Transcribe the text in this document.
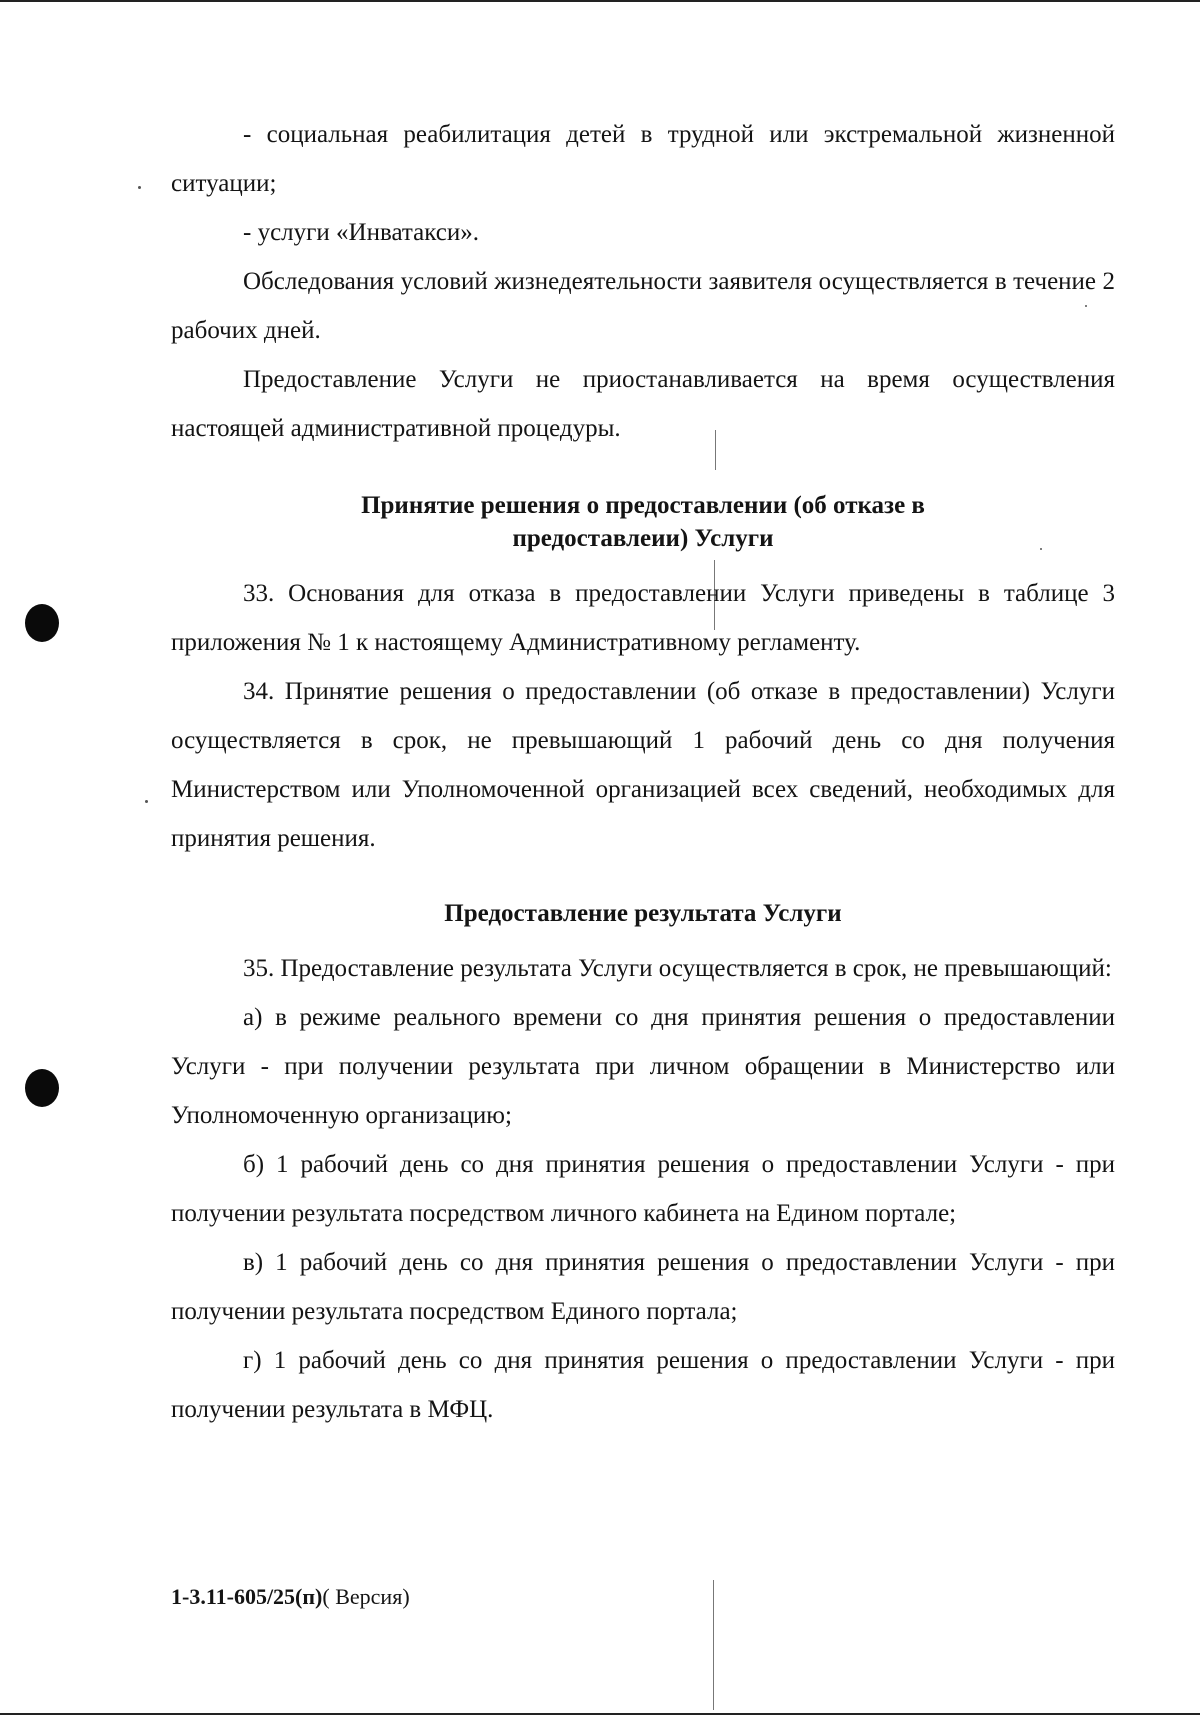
- социальная реабилитация детей в трудной или экстремальной жизненной ситуации;

- услуги «Инватакси».

Обследования условий жизнедеятельности заявителя осуществляется в течение 2 рабочих дней.

Предоставление Услуги не приостанавливается на время осуществления настоящей административной процедуры.

Принятие решения о предоставлении (об отказе в
предоставлеии) Услуги

33. Основания для отказа в предоставлении Услуги приведены в таблице 3 приложения № 1 к настоящему Административному регламенту.

34. Принятие решения о предоставлении (об отказе в предоставлении) Услуги осуществляется в срок, не превышающий 1 рабочий день со дня получения Министерством или Уполномоченной организацией всех сведений, необходимых для принятия решения.

Предоставление результата Услуги

35. Предоставление результата Услуги осуществляется в срок, не превышающий:

а) в режиме реального времени со дня принятия решения о предоставлении Услуги - при получении результата при личном обращении в Министерство или Уполномоченную организацию;

б) 1 рабочий день со дня принятия решения о предоставлении Услуги - при получении результата посредством личного кабинета на Едином портале;

в) 1 рабочий день со дня принятия решения о предоставлении Услуги - при получении результата посредством Единого портала;

г) 1 рабочий день со дня принятия решения о предоставлении Услуги - при получении результата в МФЦ.

1-3.11-605/25(п)( Версия)
